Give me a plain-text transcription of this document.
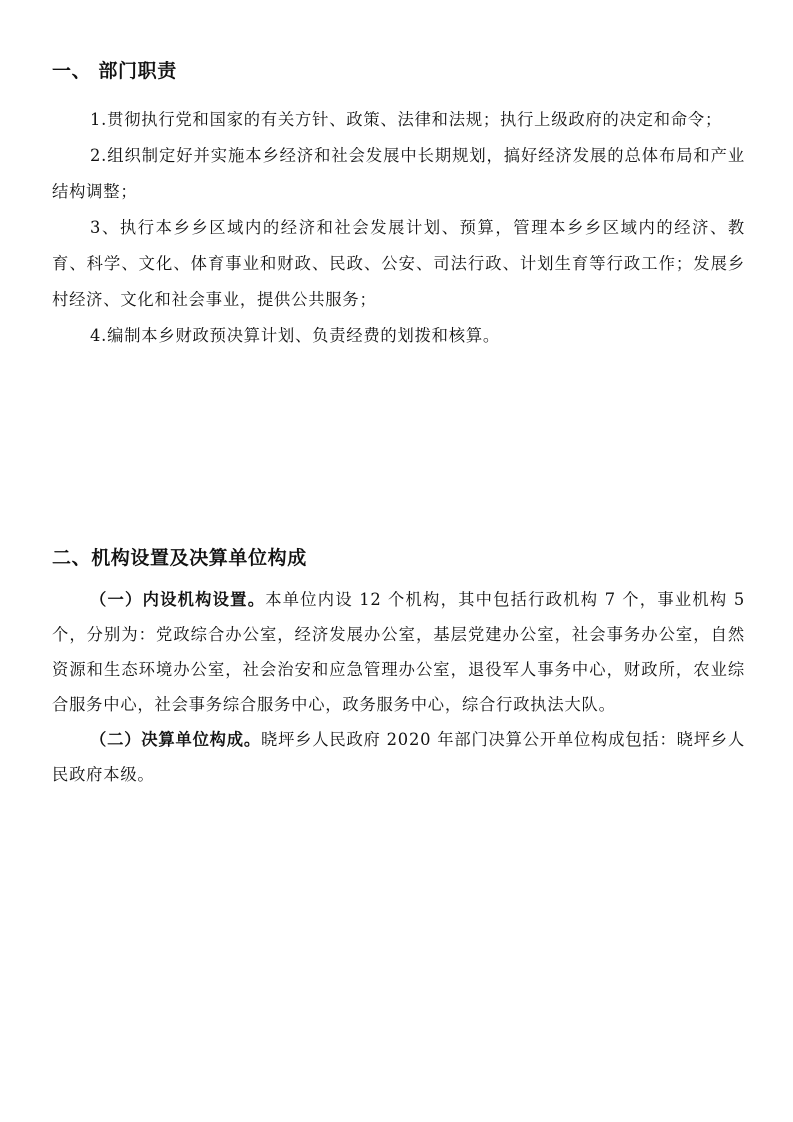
一、 部门职责

1.贯彻执行党和国家的有关方针、政策、法律和法规；执行上级政府的决定和命令；

2.组织制定好并实施本乡经济和社会发展中长期规划，搞好经济发展的总体布局和产业结构调整；

3、执行本乡乡区域内的经济和社会发展计划、预算，管理本乡乡区域内的经济、教育、科学、文化、体育事业和财政、民政、公安、司法行政、计划生育等行政工作；发展乡村经济、文化和社会事业，提供公共服务；

4.编制本乡财政预决算计划、负责经费的划拨和核算。

二、机构设置及决算单位构成

（一）内设机构设置。本单位内设 12 个机构，其中包括行政机构 7 个，事业机构 5 个，分别为：党政综合办公室，经济发展办公室，基层党建办公室，社会事务办公室，自然资源和生态环境办公室，社会治安和应急管理办公室，退役军人事务中心，财政所，农业综合服务中心，社会事务综合服务中心，政务服务中心，综合行政执法大队。

（二）决算单位构成。晓坪乡人民政府 2020 年部门决算公开单位构成包括：晓坪乡人民政府本级。
